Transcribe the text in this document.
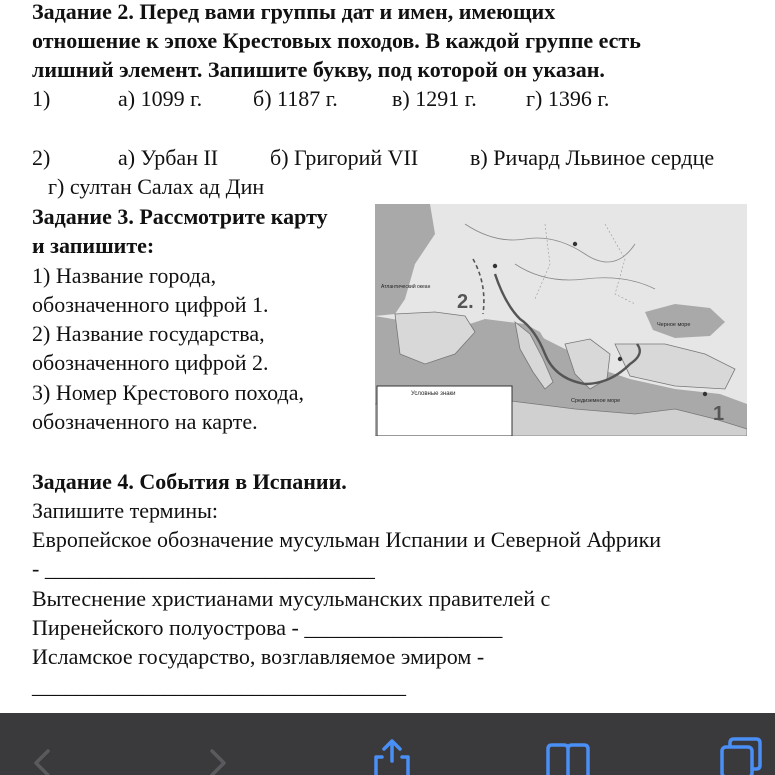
Задание 2. Перед вами группы дат и имен, имеющих
отношение к эпохе Крестовых походов. В каждой группе есть
лишний элемент. Запишите букву, под которой он указан.
1)	а) 1099 г. б) 1187 г. в) 1291 г. г) 1396 г.
2)	а) Урбан II б) Григорий VII в) Ричард Львиное сердце
г) султан Салах ад Дин
Задание 3. Рассмотрите карту
и запишите:
1) Название города,
обозначенного цифрой 1.
2) Название государства,
обозначенного цифрой 2.
3) Номер Крестового похода,
обозначенного на карте.
Атлантический океан
Черное море
Средиземное море
2.
1
Условные знаки
Задание 4. События в Испании.
Запишите термины:
Европейское обозначение мусульман Испании и Северной Африки
- ______________________________
Вытеснение христианами мусульманских правителей с
Пиренейского полуострова - __________________
Исламское государство, возглавляемое эмиром -
__________________________________
